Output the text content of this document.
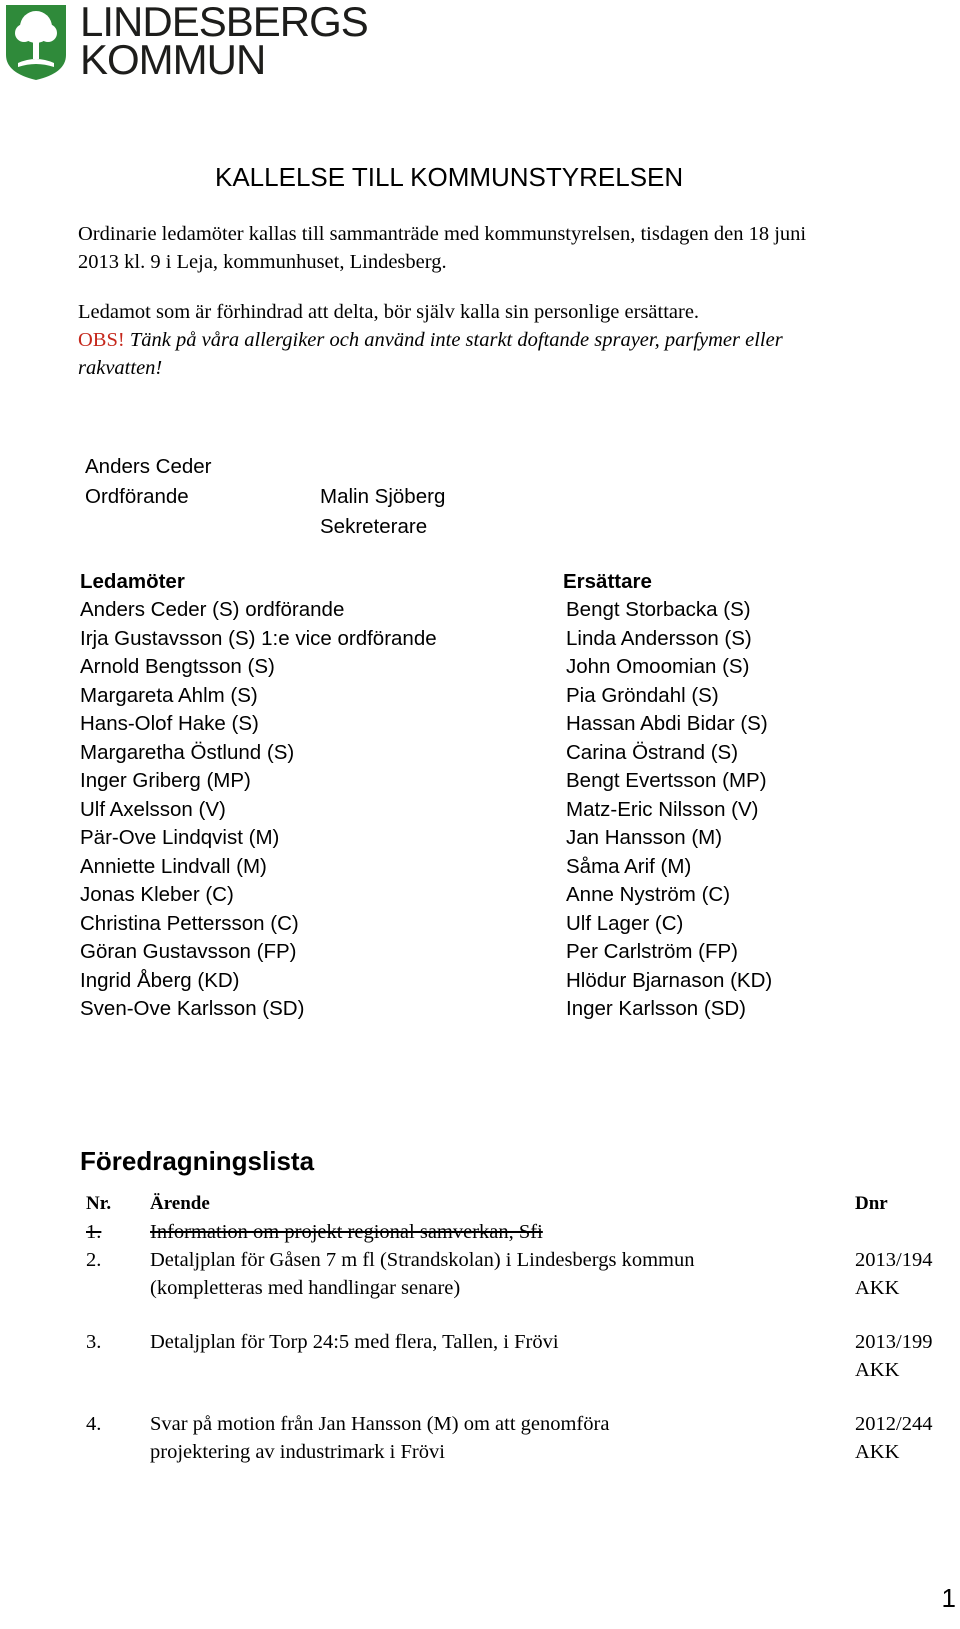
LINDESBERGS
KOMMUN
KALLELSE TILL KOMMUNSTYRELSEN
Ordinarie ledamöter kallas till sammanträde med kommunstyrelsen, tisdagen den 18 juni
2013 kl. 9 i Leja, kommunhuset, Lindesberg.
Ledamot som är förhindrad att delta, bör själv kalla sin personlige ersättare.
OBS! Tänk på våra allergiker och använd inte starkt doftande sprayer, parfymer eller
rakvatten!
Anders Ceder
Ordförande	Malin Sjöberg
Sekreterare
Ledamöter
Anders Ceder (S) ordförande
Irja Gustavsson (S) 1:e vice ordförande
Arnold Bengtsson (S)
Margareta Ahlm (S)
Hans-Olof Hake (S)
Margaretha Östlund (S)
Inger Griberg (MP)
Ulf Axelsson (V)
Pär-Ove Lindqvist (M)
Anniette Lindvall (M)
Jonas Kleber (C)
Christina Pettersson (C)
Göran Gustavsson (FP)
Ingrid Åberg (KD)
Sven-Ove Karlsson (SD)
Ersättare
Bengt Storbacka (S)
Linda Andersson (S)
John Omoomian (S)
Pia Gröndahl (S)
Hassan Abdi Bidar (S)
Carina Östrand (S)
Bengt Evertsson (MP)
Matz-Eric Nilsson (V)
Jan Hansson (M)
Såma Arif (M)
Anne Nyström (C)
Ulf Lager (C)
Per Carlström (FP)
Hlödur Bjarnason (KD)
Inger Karlsson (SD)
Föredragningslista
Nr. Ärende	Dnr
1. Information om projekt regional samverkan, Sfi
2. Detaljplan för Gåsen 7 m fl (Strandskolan) i Lindesbergs kommun
(kompletteras med handlingar senare)
2013/194
AKK
3. Detaljplan för Torp 24:5 med flera, Tallen, i Frövi	2013/199
AKK
4. Svar på motion från Jan Hansson (M) om att genomföra
projektering av industrimark i Frövi
2012/244
AKK
1
